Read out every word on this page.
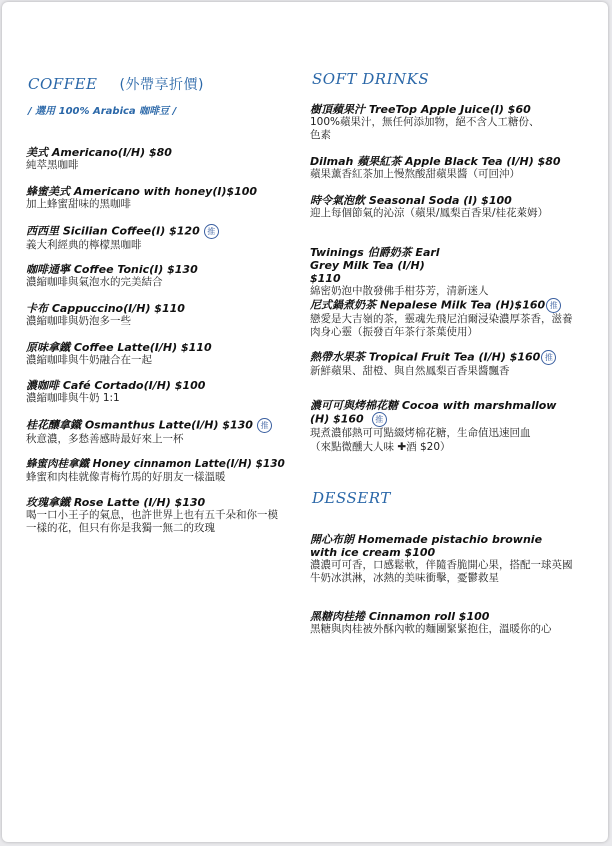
COFFEE (外帶享折價)
/ 選用 100% Arabica 咖啡豆 /
美式 Americano(I/H) $80
純萃黑咖啡
蜂蜜美式 Americano with honey(I)$100
加上蜂蜜甜味的黑咖啡
西西里 Sicilian Coffee(I) $120 推
義大利經典的檸檬黑咖啡
咖啡通寧 Coffee Tonic(I) $130
濃縮咖啡與氣泡水的完美結合
卡布 Cappuccino(I/H) $110
濃縮咖啡與奶泡多一些
原味拿鐵 Coffee Latte(I/H) $110
濃縮咖啡與牛奶融合在一起
濃咖啡 Café Cortado(I/H) $100
濃縮咖啡與牛奶 1:1
桂花釀拿鐵 Osmanthus Latte(I/H) $130 推
秋意濃，多愁善感時最好來上一杯
蜂蜜肉桂拿鐵 Honey cinnamon Latte(I/H) $130
蜂蜜和肉桂就像青梅竹馬的好朋友一樣溫暖
玫瑰拿鐵 Rose Latte (I/H) $130
喝一口小王子的氣息，也許世界上也有五千朵和你一模一樣的花，但只有你是我獨一無二的玫瑰
SOFT DRINKS
樹頂蘋果汁 TreeTop Apple Juice(I) $60
100%蘋果汁，無任何添加物，絕不含人工糖份、色素
Dilmah 蘋果紅茶 Apple Black Tea (I/H) $80
蘋果薰香紅茶加上慢熬酸甜蘋果醬（可回沖）
時令氣泡飲 Seasonal Soda (I) $100
迎上每個節氣的沁涼（蘋果/鳳梨百香果/桂花萊姆）
Twinings 伯爵奶茶 Earl Grey Milk Tea (I/H) $110
綿密奶泡中散發佛手柑芬芳，清新迷人
尼式鍋煮奶茶 Nepalese Milk Tea (H)$160 推
戀愛是大吉嶺的茶，靈魂先飛尼泊爾浸染濃厚茶香，滋養肉身心靈（振發百年茶行茶葉使用）
熱帶水果茶 Tropical Fruit Tea (I/H) $160 推
新鮮蘋果、甜橙、與自然鳳梨百香果醬飄香
濃可可與烤棉花糖 Cocoa with marshmallow (H) $160 推
現煮濃郁熱可可點綴烤棉花糖，生命值迅速回血
（來點微醺大人味 ✚酒 $20）
DESSERT
開心布朗 Homemade pistachio brownie with ice cream $100
濃濃可可香，口感鬆軟，伴隨香脆開心果，搭配一球英國牛奶冰淇淋，冰熱的美味衝擊，憂鬱救星
黑糖肉桂捲 Cinnamon roll $100
黑糖與肉桂被外酥內軟的麵團緊緊抱住，溫暖你的心
